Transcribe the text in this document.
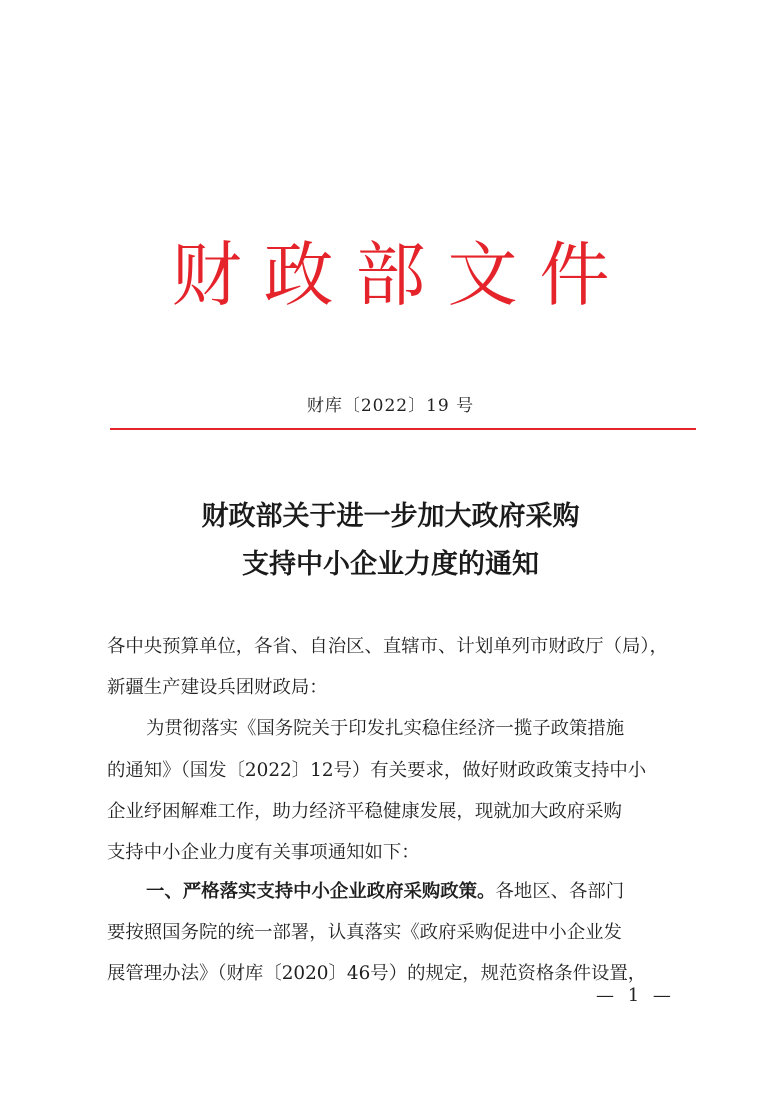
财政部文件
财库〔2022〕19 号
财政部关于进一步加大政府采购
支持中小企业力度的通知
各中央预算单位，各省、自治区、直辖市、计划单列市财政厅（局），
新疆生产建设兵团财政局：
为贯彻落实《国务院关于印发扎实稳住经济一揽子政策措施
的通知》（国发〔2022〕12号）有关要求，做好财政政策支持中小
企业纾困解难工作，助力经济平稳健康发展，现就加大政府采购
支持中小企业力度有关事项通知如下：
一、严格落实支持中小企业政府采购政策。各地区、各部门
要按照国务院的统一部署，认真落实《政府采购促进中小企业发
展管理办法》（财库〔2020〕46号）的规定，规范资格条件设置，
— 1 —
